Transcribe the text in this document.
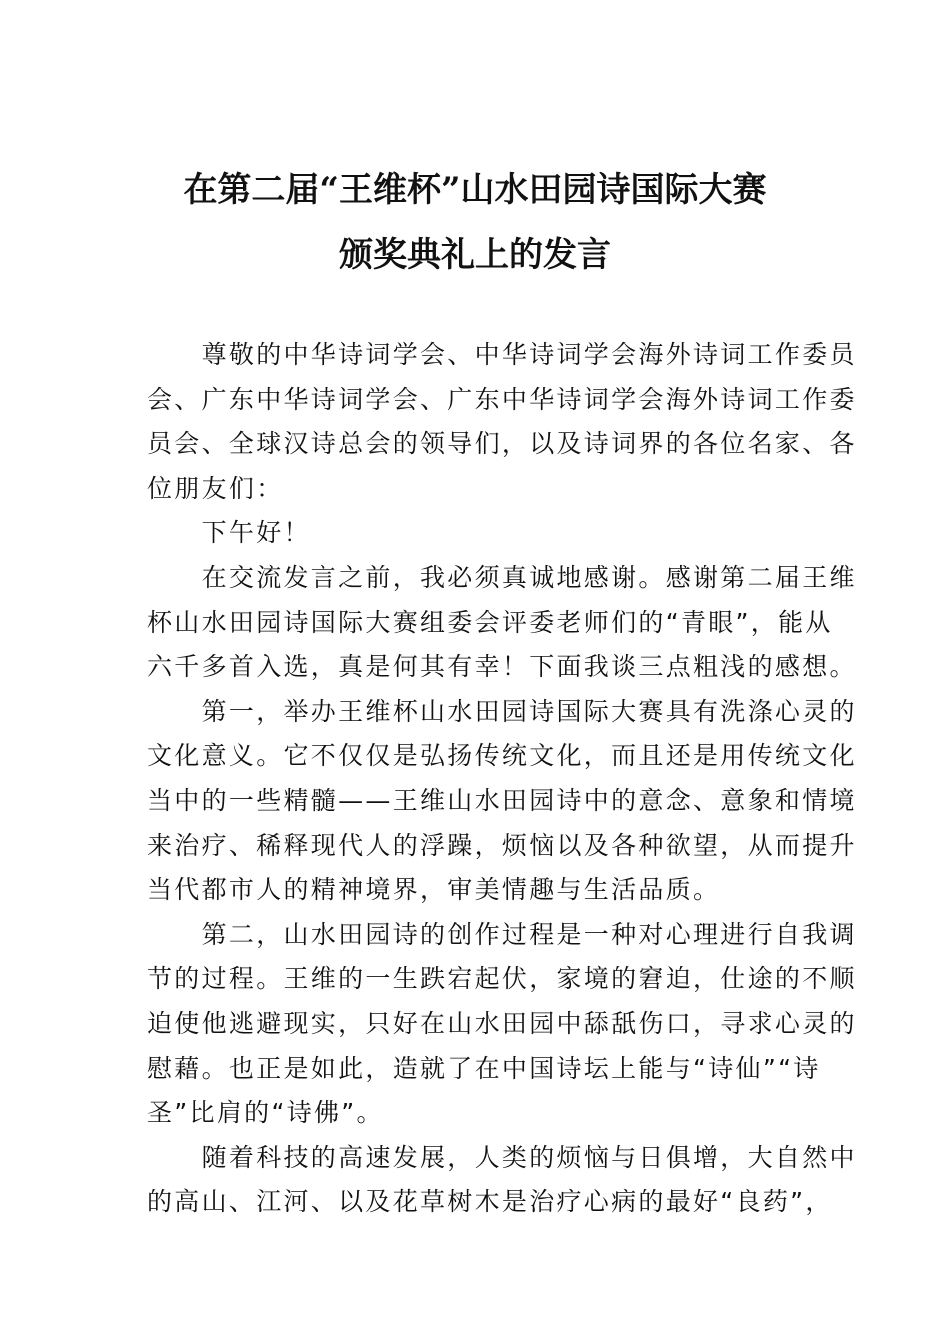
在第二届“王维杯”山水田园诗国际大赛
颁奖典礼上的发言
　　尊敬的中华诗词学会、中华诗词学会海外诗词工作委员
会、广东中华诗词学会、广东中华诗词学会海外诗词工作委
员会、全球汉诗总会的领导们，以及诗词界的各位名家、各
位朋友们：
　　下午好！
　　在交流发言之前，我必须真诚地感谢。感谢第二届王维
杯山水田园诗国际大赛组委会评委老师们的“青眼”，能从
六千多首入选，真是何其有幸！下面我谈三点粗浅的感想。
　　第一，举办王维杯山水田园诗国际大赛具有洗涤心灵的
文化意义。它不仅仅是弘扬传统文化，而且还是用传统文化
当中的一些精髓——王维山水田园诗中的意念、意象和情境
来治疗、稀释现代人的浮躁，烦恼以及各种欲望，从而提升
当代都市人的精神境界，审美情趣与生活品质。
　　第二，山水田园诗的创作过程是一种对心理进行自我调
节的过程。王维的一生跌宕起伏，家境的窘迫，仕途的不顺
迫使他逃避现实，只好在山水田园中舔舐伤口，寻求心灵的
慰藉。也正是如此，造就了在中国诗坛上能与“诗仙”“诗
圣”比肩的“诗佛”。
　　随着科技的高速发展，人类的烦恼与日俱增，大自然中
的高山、江河、以及花草树木是治疗心病的最好“良药”，
